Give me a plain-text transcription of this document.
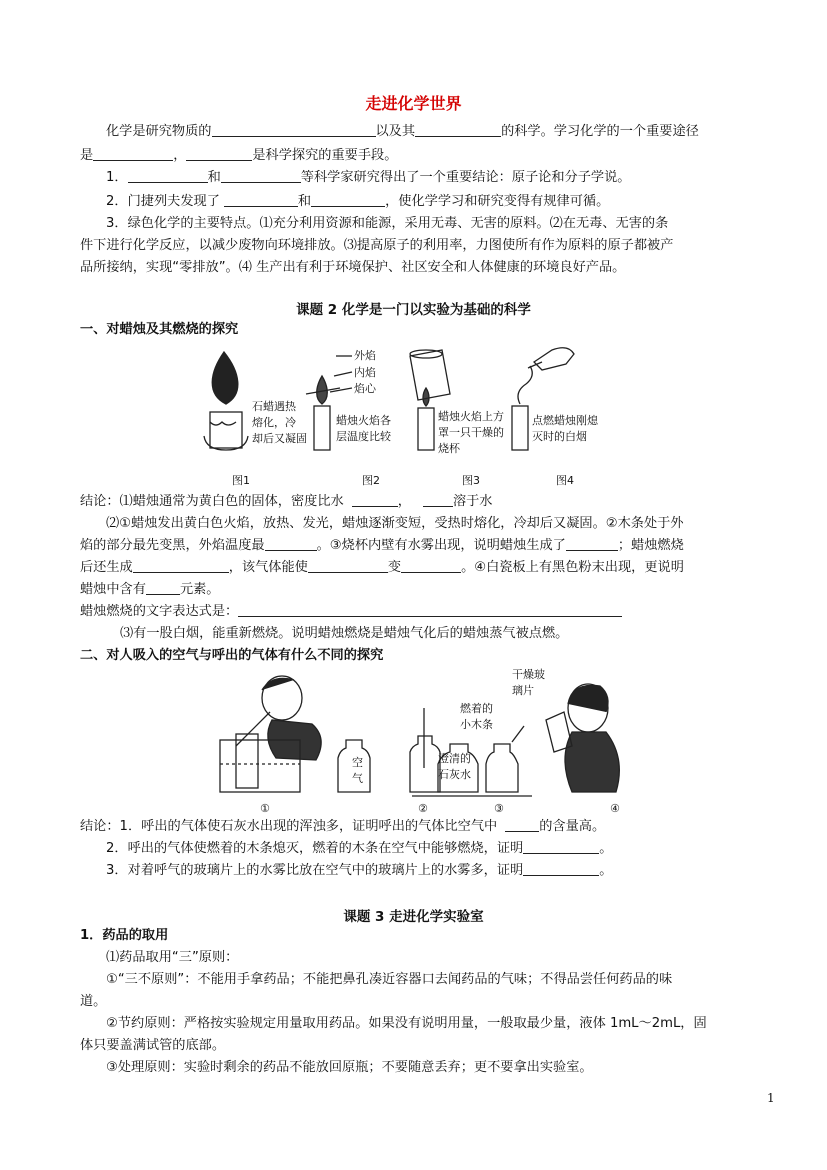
走进化学世界
化学是研究物质的	以及其	的科学。学习化学的一个重要途径
是	，	是科学探究的重要手段。
1．	和	等科学家研究得出了一个重要结论：原子论和分子学说。
2．门捷列夫发现了	和	，使化学学习和研究变得有规律可循。
3．绿色化学的主要特点。⑴充分利用资源和能源，采用无毒、无害的原料。⑵在无毒、无害的条
件下进行化学反应，以减少废物向环境排放。⑶提高原子的利用率，力图使所有作为原料的原子都被产
品所接纳，实现“零排放”。⑷ 生产出有利于环境保护、社区安全和人体健康的环境良好产品。
课题 2 化学是一门以实验为基础的科学
一、对蜡烛及其燃烧的探究
外焰
内焰
焰心
石蜡遇热
熔化，冷
却后又凝固
蜡烛火焰各
层温度比较
蜡烛火焰上方
罩一只干燥的
烧杯
点燃蜡烛刚熄
灭时的白烟
图1	图2	图3	图4
结论：⑴蜡烛通常为黄白色的固体，密度比水	，	溶于水
⑵①蜡烛发出黄白色火焰，放热、发光，蜡烛逐渐变短，受热时熔化，冷却后又凝固。②木条处于外
焰的部分最先变黑，外焰温度最	。③烧杯内壁有水雾出现，说明蜡烛生成了	；蜡烛燃烧
后还生成	，该气体能使	变	。④白瓷板上有黑色粉末出现，更说明
蜡烛中含有	元素。
蜡烛燃烧的文字表达式是：
⑶有一股白烟，能重新燃烧。说明蜡烛燃烧是蜡烛气化后的蜡烛蒸气被点燃。
二、对人吸入的空气与呼出的气体有什么不同的探究
空
气
澄清的
石灰水
燃着的
小木条
干燥玻
璃片
①	②	③	④
结论：1．呼出的气体使石灰水出现的浑浊多，证明呼出的气体比空气中	的含量高。
2．呼出的气体使燃着的木条熄灭，燃着的木条在空气中能够燃烧，证明	。
3．对着呼气的玻璃片上的水雾比放在空气中的玻璃片上的水雾多，证明	。
课题 3 走进化学实验室
1．药品的取用
⑴药品取用“三”原则：
①“三不原则”：不能用手拿药品；不能把鼻孔凑近容器口去闻药品的气味；不得品尝任何药品的味
道。
②节约原则：严格按实验规定用量取用药品。如果没有说明用量，一般取最少量，液体 1mL～2mL，固
体只要盖满试管的底部。
③处理原则：实验时剩余的药品不能放回原瓶；不要随意丢弃；更不要拿出实验室。
1
